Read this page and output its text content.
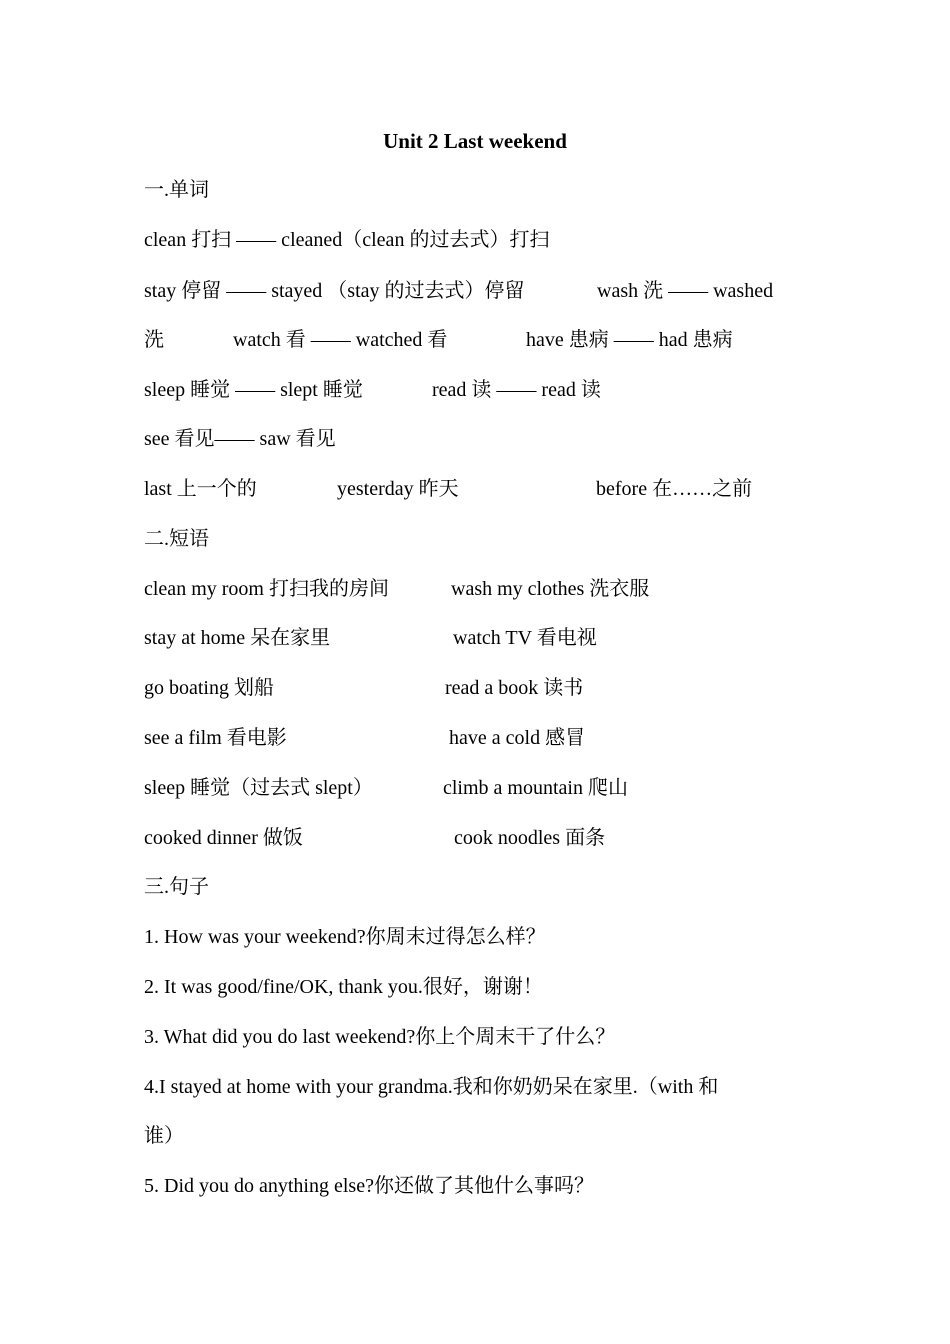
Unit 2 Last weekend
一.单词
clean 打扫 —— cleaned（clean 的过去式）打扫
stay 停留 —— stayed （stay 的过去式）停留	wash 洗 —— washed
洗	watch 看 —— watched 看	have 患病 —— had 患病
sleep 睡觉 —— slept 睡觉	read 读 —— read 读
see 看见—— saw 看见
last 上一个的	yesterday 昨天	before 在……之前
二.短语
clean my room 打扫我的房间	wash my clothes 洗衣服
stay at home 呆在家里	watch TV 看电视
go boating 划船	read a book 读书
see a film 看电影	have a cold 感冒
sleep 睡觉（过去式 slept）	climb a mountain 爬山
cooked dinner 做饭	cook noodles 面条
三.句子
1. How was your weekend?你周末过得怎么样？
2. It was good/fine/OK, thank you.很好，谢谢！
3. What did you do last weekend?你上个周末干了什么？
4.I stayed at home with your grandma.我和你奶奶呆在家里.（with 和
谁）
5. Did you do anything else?你还做了其他什么事吗？
